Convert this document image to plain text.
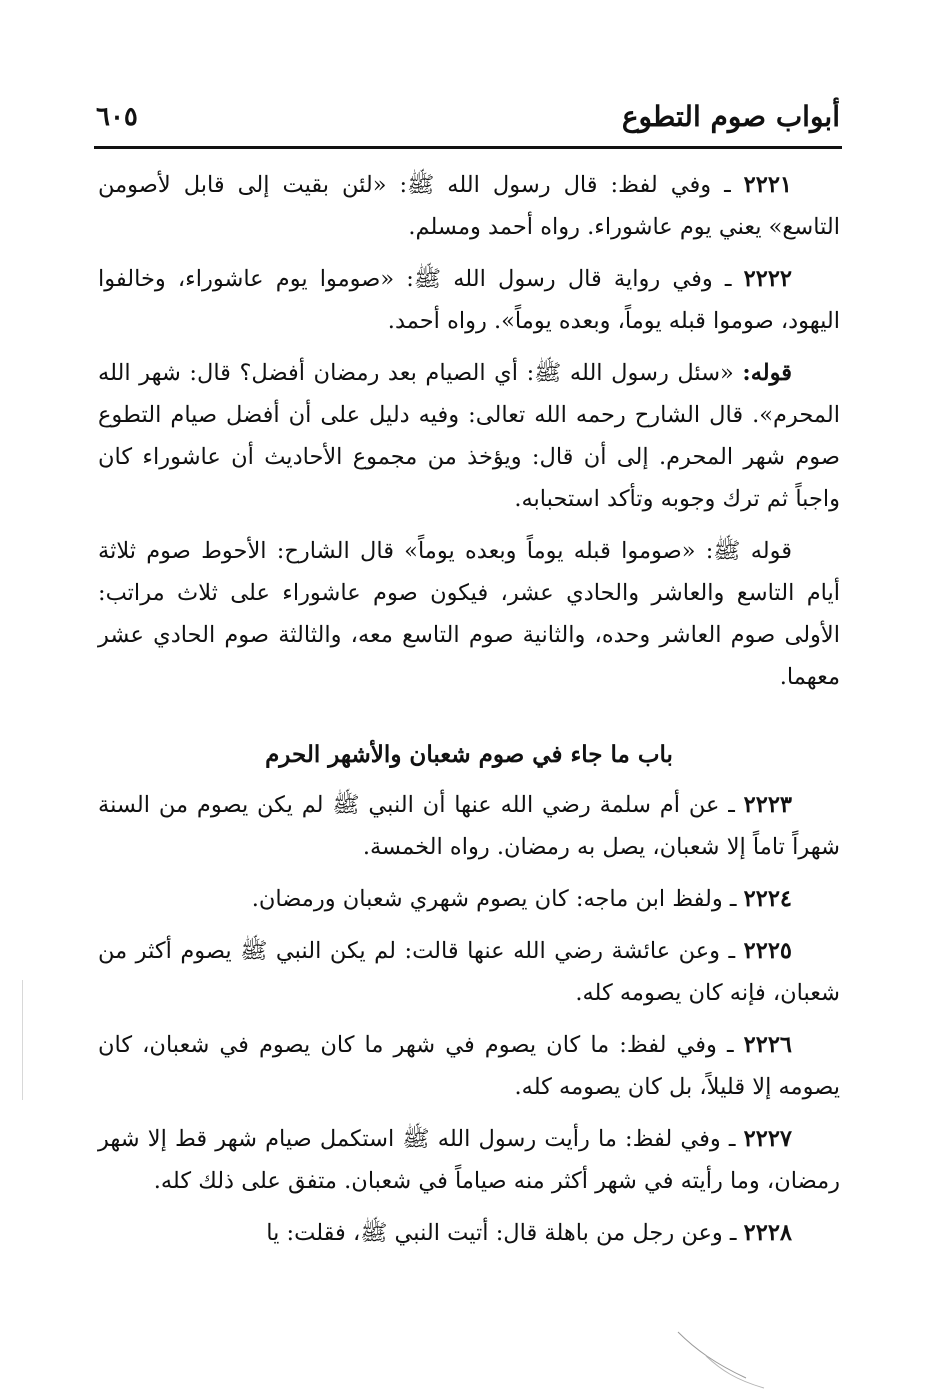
أبواب صوم التطوع
٦٠٥

٢٢٢١ ـ وفي لفظ: قال رسول الله ﷺ: «لئن بقيت إلى قابل لأصومن التاسع» يعني يوم عاشوراء. رواه أحمد ومسلم.

٢٢٢٢ ـ وفي رواية قال رسول الله ﷺ: «صوموا يوم عاشوراء، وخالفوا اليهود، صوموا قبله يوماً، وبعده يوماً». رواه أحمد.

قوله: «سئل رسول الله ﷺ: أي الصيام بعد رمضان أفضل؟ قال: شهر الله المحرم». قال الشارح رحمه الله تعالى: وفيه دليل على أن أفضل صيام التطوع صوم شهر المحرم. إلى أن قال: ويؤخذ من مجموع الأحاديث أن عاشوراء كان واجباً ثم ترك وجوبه وتأكد استحبابه.

قوله ﷺ: «صوموا قبله يوماً وبعده يوماً» قال الشارح: الأحوط صوم ثلاثة أيام التاسع والعاشر والحادي عشر، فيكون صوم عاشوراء على ثلاث مراتب: الأولى صوم العاشر وحده، والثانية صوم التاسع معه، والثالثة صوم الحادي عشر معهما.

باب ما جاء في صوم شعبان والأشهر الحرم

٢٢٢٣ ـ عن أم سلمة رضي الله عنها أن النبي ﷺ لم يكن يصوم من السنة شهراً تاماً إلا شعبان، يصل به رمضان. رواه الخمسة.

٢٢٢٤ ـ ولفظ ابن ماجه: كان يصوم شهري شعبان ورمضان.

٢٢٢٥ ـ وعن عائشة رضي الله عنها قالت: لم يكن النبي ﷺ يصوم أكثر من شعبان، فإنه كان يصومه كله.

٢٢٢٦ ـ وفي لفظ: ما كان يصوم في شهر ما كان يصوم في شعبان، كان يصومه إلا قليلاً، بل كان يصومه كله.

٢٢٢٧ ـ وفي لفظ: ما رأيت رسول الله ﷺ استكمل صيام شهر قط إلا شهر رمضان، وما رأيته في شهر أكثر منه صياماً في شعبان. متفق على ذلك كله.

٢٢٢٨ ـ وعن رجل من باهلة قال: أتيت النبي ﷺ، فقلت: يا
